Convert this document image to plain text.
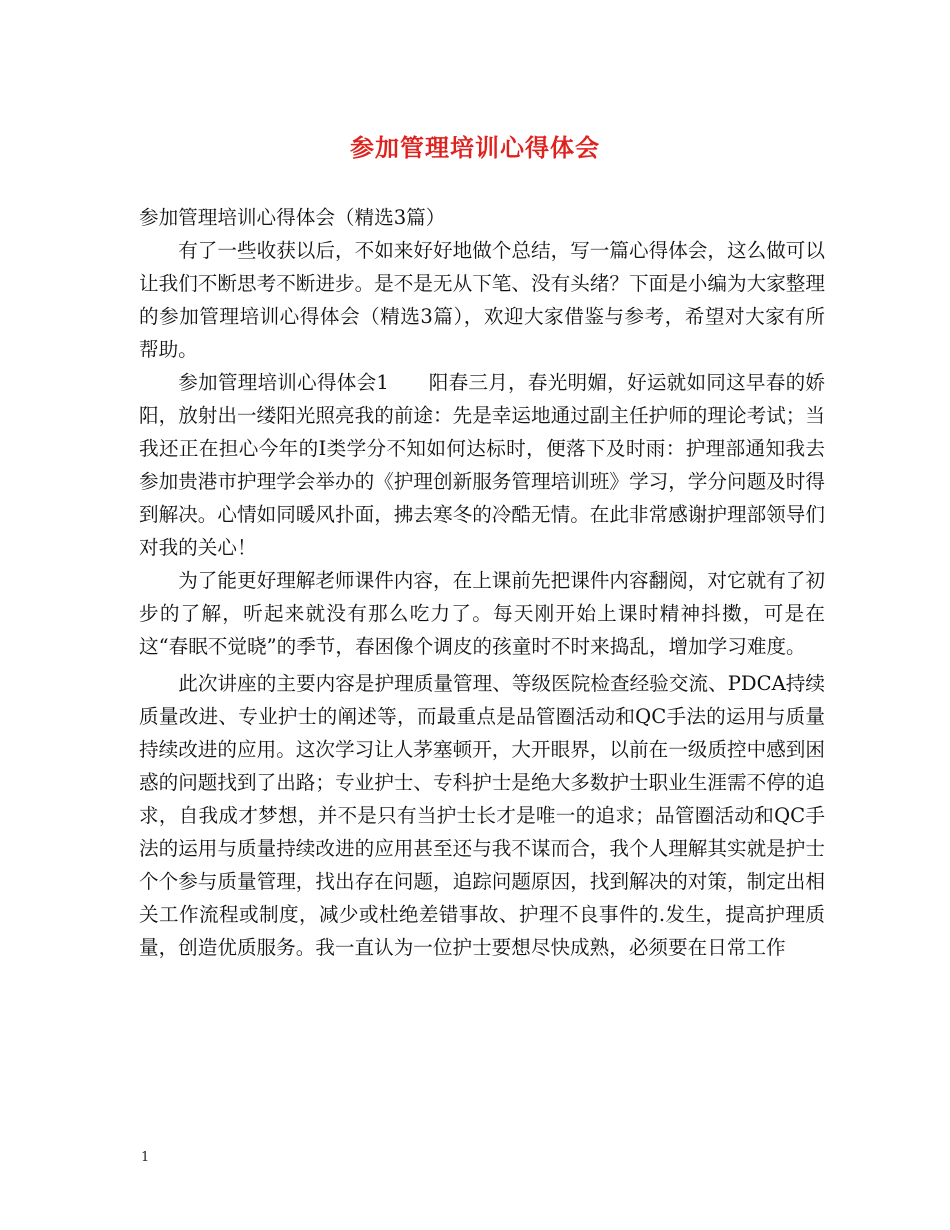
参加管理培训心得体会

参加管理培训心得体会（精选3篇）

有了一些收获以后，不如来好好地做个总结，写一篇心得体会，这么做可以让我们不断思考不断进步。是不是无从下笔、没有头绪？下面是小编为大家整理的参加管理培训心得体会（精选3篇），欢迎大家借鉴与参考，希望对大家有所帮助。

参加管理培训心得体会1　　阳春三月，春光明媚，好运就如同这早春的娇阳，放射出一缕阳光照亮我的前途：先是幸运地通过副主任护师的理论考试；当我还正在担心今年的Ⅰ类学分不知如何达标时，便落下及时雨：护理部通知我去参加贵港市护理学会举办的《护理创新服务管理培训班》学习，学分问题及时得到解决。心情如同暖风扑面，拂去寒冬的冷酷无情。在此非常感谢护理部领导们对我的关心！

为了能更好理解老师课件内容，在上课前先把课件内容翻阅，对它就有了初步的了解，听起来就没有那么吃力了。每天刚开始上课时精神抖擞，可是在这“春眠不觉晓”的季节，春困像个调皮的孩童时不时来捣乱，增加学习难度。

此次讲座的主要内容是护理质量管理、等级医院检查经验交流、PDCA持续质量改进、专业护士的阐述等，而最重点是品管圈活动和QC手法的运用与质量持续改进的应用。这次学习让人茅塞顿开，大开眼界，以前在一级质控中感到困惑的问题找到了出路；专业护士、专科护士是绝大多数护士职业生涯需不停的追求，自我成才梦想，并不是只有当护士长才是唯一的追求；品管圈活动和QC手法的运用与质量持续改进的应用甚至还与我不谋而合，我个人理解其实就是护士个个参与质量管理，找出存在问题，追踪问题原因，找到解决的对策，制定出相关工作流程或制度，减少或杜绝差错事故、护理不良事件的.发生，提高护理质量，创造优质服务。我一直认为一位护士要想尽快成熟，必须要在日常工作

1
